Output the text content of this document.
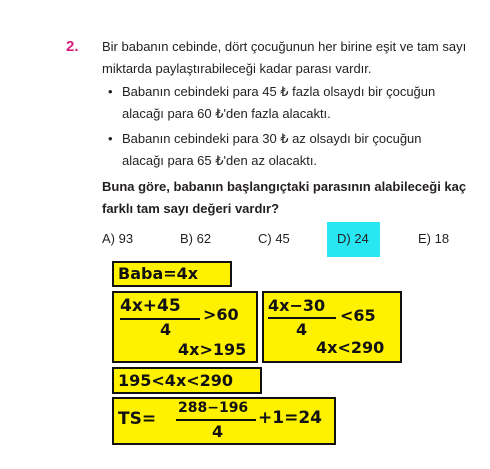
2. Bir babanın cebinde, dört çocuğunun her birine eşit ve tam sayı miktarda paylaştırabileceği kadar parası vardır.
• Babanın cebindeki para 45 ₺ fazla olsaydı bir çocuğun alacağı para 60 ₺'den fazla alacaktı.
• Babanın cebindeki para 30 ₺ az olsaydı bir çocuğun alacağı para 65 ₺'den az olacaktı.
Buna göre, babanın başlangıçtaki parasının alabileceği kaç farklı tam sayı değeri vardır?
A) 93	B) 62	C) 45	D) 24	E) 18
Baba=4x
4x+45 >60
4
4x>195
4x−30
<65
4
4x<290
195<4x<290
TS=
288−196
4
+1=24
